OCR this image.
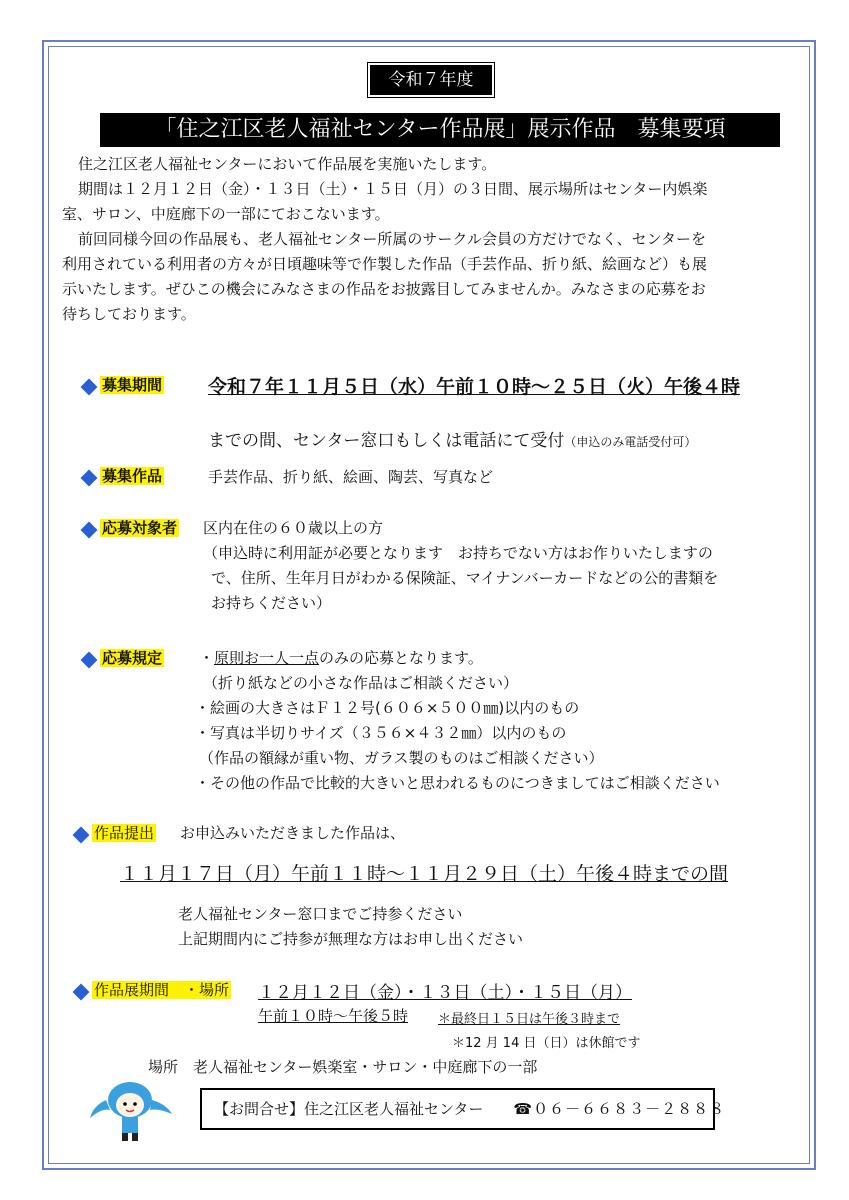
令和７年度
「住之江区老人福祉センター作品展」展示作品　募集要項
住之江区老人福祉センターにおいて作品展を実施いたします。
期間は１２月１２日（金）・１３日（土）・１５日（月）の３日間、展示場所はセンター内娯楽
室、サロン、中庭廊下の一部にておこないます。
前回同様今回の作品展も、老人福祉センター所属のサークル会員の方だけでなく、センターを
利用されている利用者の方々が日頃趣味等で作製した作品（手芸作品、折り紙、絵画など）も展
示いたします。ぜひこの機会にみなさまの作品をお披露目してみませんか。みなさまの応募をお
待ちしております。
募集期間 令和７年１１月５日（水）午前１０時～２５日（火）午後４時
までの間、センター窓口もしくは電話にて受付（申込のみ電話受付可）
募集作品	手芸作品、折り紙、絵画、陶芸、写真など
応募対象者 区内在住の６０歳以上の方
（申込時に利用証が必要となります　お持ちでない方はお作りいたしますの
で、住所、生年月日がわかる保険証、マイナンバーカードなどの公的書類を
お持ちください）
応募規定 ・原則お一人一点のみの応募となります。
（折り紙などの小さな作品はご相談ください）
・絵画の大きさはＦ１２号(６０６×５００㎜)以内のもの
・写真は半切りサイズ（３５６×４３２㎜）以内のもの
（作品の額縁が重い物、ガラス製のものはご相談ください）
・その他の作品で比較的大きいと思われるものにつきましてはご相談ください
作品提出 お申込みいただきました作品は、
１１月１７日（月）午前１１時～１１月２９日（土）午後４時までの間
老人福祉センター窓口までご持参ください
上記期間内にご持参が無理な方はお申し出ください
作品展期間　・場所 １２月１２日（金）・１３日（土）・１５日（月）
午前１０時～午後５時 ＊最終日１５日は午後３時まで
＊12 月 14 日（日）は休館です
場所　 老人福祉センター娯楽室・サロン・中庭廊下の一部
【お問合せ】住之江区老人福祉センター　　 ☎０６－６６８３－２８８８
